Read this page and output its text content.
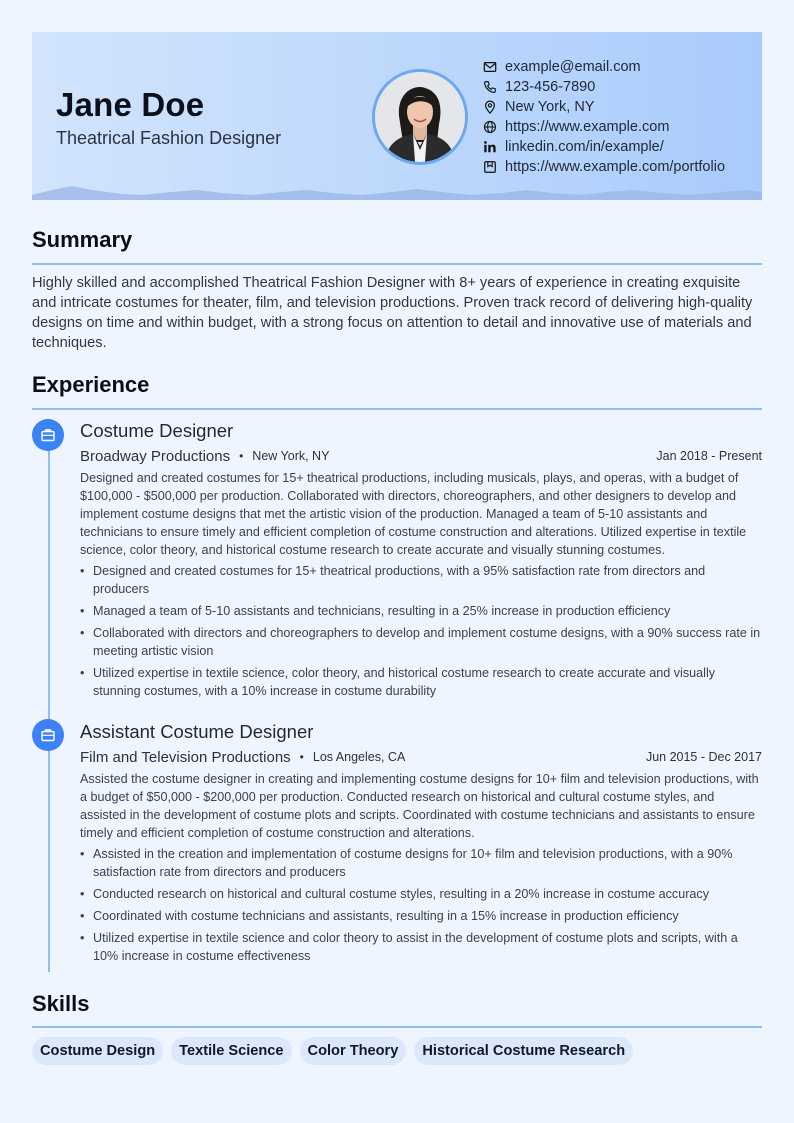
Jane Doe
Theatrical Fashion Designer
example@email.com
123-456-7890
New York, NY
https://www.example.com
linkedin.com/in/example/
https://www.example.com/portfolio
Summary

Highly skilled and accomplished Theatrical Fashion Designer with 8+ years of experience in creating exquisite and intricate costumes for theater, film, and television productions. Proven track record of delivering high-quality designs on time and within budget, with a strong focus on attention to detail and innovative use of materials and techniques.

Experience
Costume Designer
Broadway Productions • New York, NY	Jan 2018 - Present

Designed and created costumes for 15+ theatrical productions, including musicals, plays, and operas, with a budget of $100,000 - $500,000 per production. Collaborated with directors, choreographers, and other designers to develop and implement costume designs that met the artistic vision of the production. Managed a team of 5-10 assistants and technicians to ensure timely and efficient completion of costume construction and alterations. Utilized expertise in textile science, color theory, and historical costume research to create accurate and visually stunning costumes.

• Designed and created costumes for 15+ theatrical productions, with a 95% satisfaction rate from directors and producers
• Managed a team of 5-10 assistants and technicians, resulting in a 25% increase in production efficiency
• Collaborated with directors and choreographers to develop and implement costume designs, with a 90% success rate in meeting artistic vision
• Utilized expertise in textile science, color theory, and historical costume research to create accurate and visually stunning costumes, with a 10% increase in costume durability
Assistant Costume Designer
Film and Television Productions • Los Angeles, CA	Jun 2015 - Dec 2017

Assisted the costume designer in creating and implementing costume designs for 10+ film and television productions, with a budget of $50,000 - $200,000 per production. Conducted research on historical and cultural costume styles, and assisted in the development of costume plots and scripts. Coordinated with costume technicians and assistants to ensure timely and efficient completion of costume construction and alterations.

• Assisted in the creation and implementation of costume designs for 10+ film and television productions, with a 90% satisfaction rate from directors and producers
• Conducted research on historical and cultural costume styles, resulting in a 20% increase in costume accuracy
• Coordinated with costume technicians and assistants, resulting in a 15% increase in production efficiency
• Utilized expertise in textile science and color theory to assist in the development of costume plots and scripts, with a 10% increase in costume effectiveness
Skills
Costume Design	Textile Science	Color Theory	Historical Costume Research
